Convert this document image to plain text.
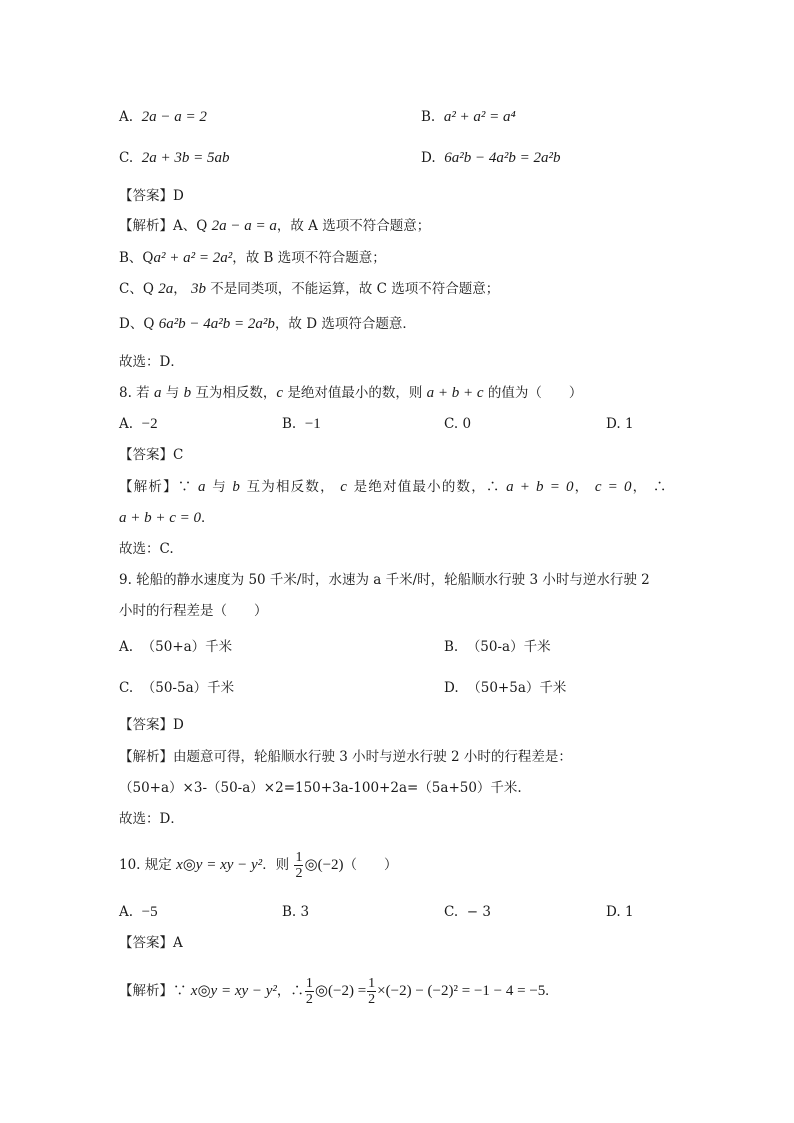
A. 2a − a = 2	B. a² + a² = a⁴
C. 2a + 3b = 5ab	D. 6a²b − 4a²b = 2a²b
【答案】D
【解析】A、Q 2a − a = a，故 A 选项不符合题意；
B、Qa² + a² = 2a²，故 B 选项不符合题意；
C、Q 2a， 3b 不是同类项，不能运算，故 C 选项不符合题意；
D、Q 6a²b − 4a²b = 2a²b，故 D 选项符合题意．
故选：D．
8. 若 a 与 b 互为相反数，c 是绝对值最小的数，则 a + b + c 的值为（　　）
A. −2	B. −1	C. 0	D. 1
【答案】C
【解析】∵ a 与 b 互为相反数， c 是绝对值最小的数，∴ a + b = 0， c = 0， ∴
a + b + c = 0．
故选：C.
9. 轮船的静水速度为 50 千米/时，水速为 a 千米/时，轮船顺水行驶 3 小时与逆水行驶 2
小时的行程差是（　　）
A. （50+a）千米	B. （50-a）千米
C. （50-5a）千米	D. （50+5a）千米
【答案】D
【解析】由题意可得，轮船顺水行驶 3 小时与逆水行驶 2 小时的行程差是：
（50+a）×3-（50-a）×2=150+3a-100+2a=（5a+50）千米.
故选：D．
10. 规定 x◎y = xy − y²．则 $\frac{1}{2}$ ◎(−2)（　　）
A. −5	B. 3	C. − 3	D. 1
【答案】A
【解析】∵ x◎y = xy − y²，∴ $\frac{1}{2}$ ◎(−2) = $\frac{1}{2} \times(-2) - (-2)^2 = -1 - 4 = -5$.
